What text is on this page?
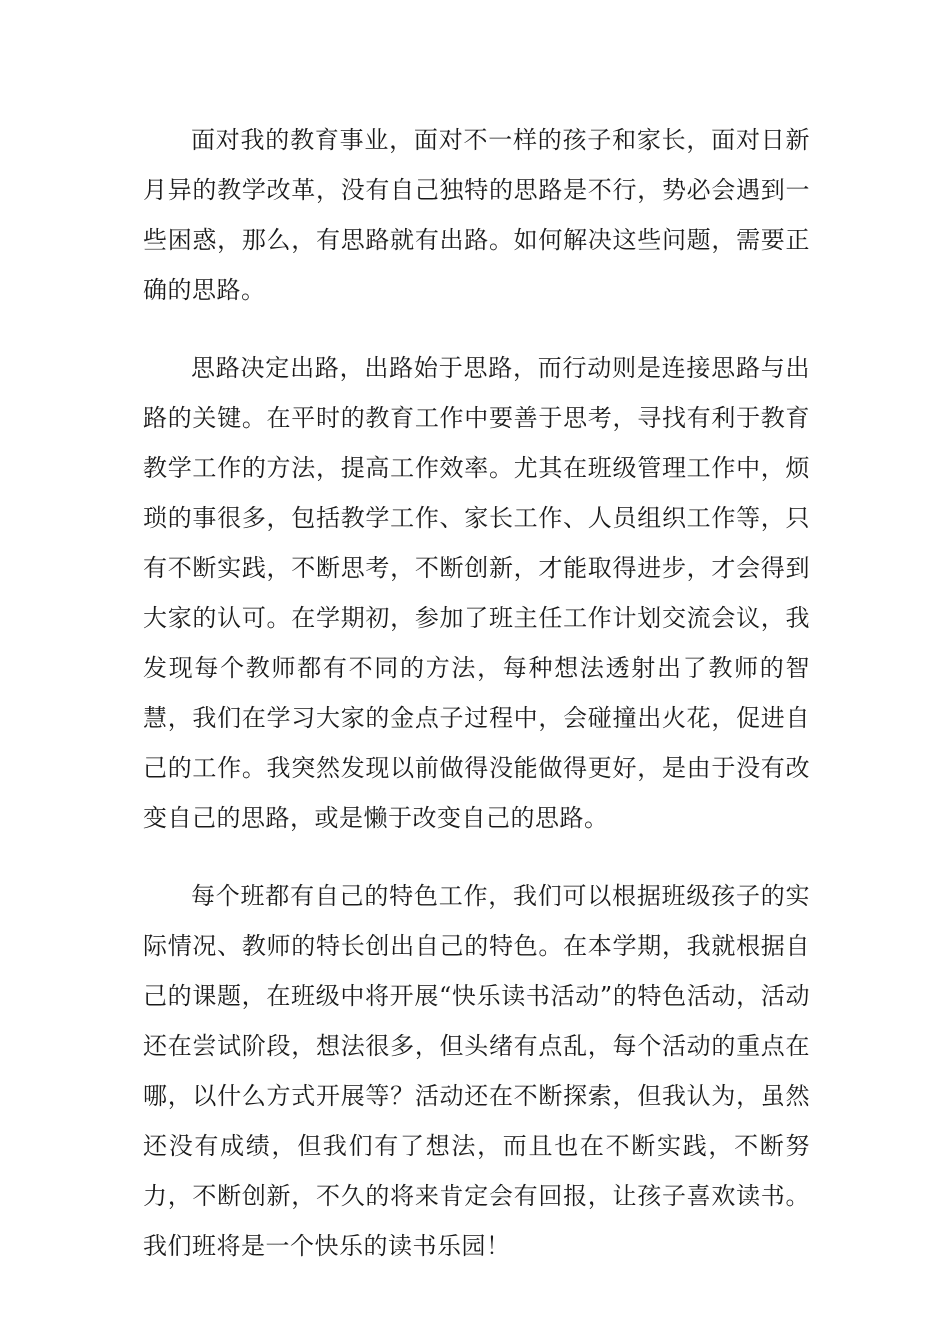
面对我的教育事业，面对不一样的孩子和家长，面对日新月异的教学改革，没有自己独特的思路是不行，势必会遇到一些困惑，那么，有思路就有出路。如何解决这些问题，需要正确的思路。

思路决定出路，出路始于思路，而行动则是连接思路与出路的关键。在平时的教育工作中要善于思考，寻找有利于教育教学工作的方法，提高工作效率。尤其在班级管理工作中，烦琐的事很多，包括教学工作、家长工作、人员组织工作等，只有不断实践，不断思考，不断创新，才能取得进步，才会得到大家的认可。在学期初，参加了班主任工作计划交流会议，我发现每个教师都有不同的方法，每种想法透射出了教师的智慧，我们在学习大家的金点子过程中，会碰撞出火花，促进自己的工作。我突然发现以前做得没能做得更好，是由于没有改变自己的思路，或是懒于改变自己的思路。

每个班都有自己的特色工作，我们可以根据班级孩子的实际情况、教师的特长创出自己的特色。在本学期，我就根据自己的课题，在班级中将开展“快乐读书活动”的特色活动，活动还在尝试阶段，想法很多，但头绪有点乱，每个活动的重点在哪，以什么方式开展等？活动还在不断探索，但我认为，虽然还没有成绩，但我们有了想法，而且也在不断实践，不断努力，不断创新，不久的将来肯定会有回报，让孩子喜欢读书。我们班将是一个快乐的读书乐园！
